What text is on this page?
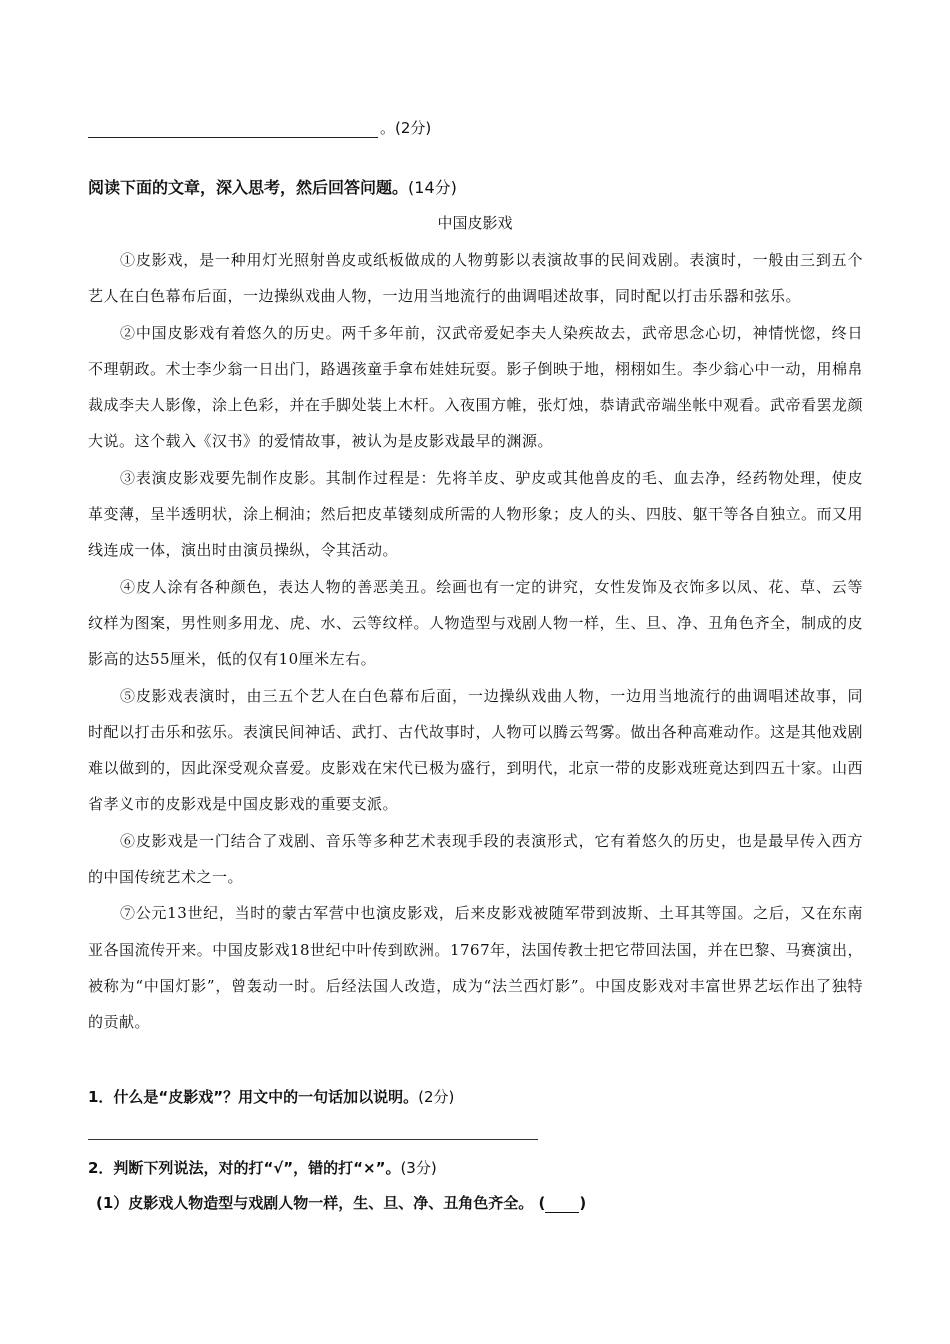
。(2分)
阅读下面的文章，深入思考，然后回答问题。(14分)
中国皮影戏

①皮影戏，是一种用灯光照射兽皮或纸板做成的人物剪影以表演故事的民间戏剧。表演时，一般由三到五个艺人在白色幕布后面，一边操纵戏曲人物，一边用当地流行的曲调唱述故事，同时配以打击乐器和弦乐。

②中国皮影戏有着悠久的历史。两千多年前，汉武帝爱妃李夫人染疾故去，武帝思念心切，神情恍惚，终日不理朝政。术士李少翁一日出门，路遇孩童手拿布娃娃玩耍。影子倒映于地，栩栩如生。李少翁心中一动，用棉帛裁成李夫人影像，涂上色彩，并在手脚处装上木杆。入夜围方帷，张灯烛，恭请武帝端坐帐中观看。武帝看罢龙颜大说。这个载入《汉书》的爱情故事，被认为是皮影戏最早的渊源。

③表演皮影戏要先制作皮影。其制作过程是：先将羊皮、驴皮或其他兽皮的毛、血去净，经药物处理，使皮革变薄，呈半透明状，涂上桐油；然后把皮革镂刻成所需的人物形象；皮人的头、四肢、躯干等各自独立。而又用线连成一体，演出时由演员操纵，令其活动。

④皮人涂有各种颜色，表达人物的善恶美丑。绘画也有一定的讲究，女性发饰及衣饰多以凤、花、草、云等纹样为图案，男性则多用龙、虎、水、云等纹样。人物造型与戏剧人物一样，生、旦、净、丑角色齐全，制成的皮影高的达55厘米，低的仅有10厘米左右。

⑤皮影戏表演时，由三五个艺人在白色幕布后面，一边操纵戏曲人物，一边用当地流行的曲调唱述故事，同时配以打击乐和弦乐。表演民间神话、武打、古代故事时，人物可以腾云驾雾。做出各种高难动作。这是其他戏剧难以做到的，因此深受观众喜爱。皮影戏在宋代已极为盛行，到明代，北京一带的皮影戏班竟达到四五十家。山西省孝义市的皮影戏是中国皮影戏的重要支派。

⑥皮影戏是一门结合了戏剧、音乐等多种艺术表现手段的表演形式，它有着悠久的历史，也是最早传入西方的中国传统艺术之一。

⑦公元13世纪，当时的蒙古军营中也演皮影戏，后来皮影戏被随军带到波斯、土耳其等国。之后，又在东南亚各国流传开来。中国皮影戏18世纪中叶传到欧洲。1767年，法国传教士把它带回法国，并在巴黎、马赛演出，被称为“中国灯影”，曾轰动一时。后经法国人改造，成为“法兰西灯影”。中国皮影戏对丰富世界艺坛作出了独特的贡献。

1．什么是“皮影戏”？用文中的一句话加以说明。(2分)
2．判断下列说法，对的打“√”，错的打“×”。(3分)
(1）皮影戏人物造型与戏剧人物一样，生、旦、净、丑角色齐全。 ( )
